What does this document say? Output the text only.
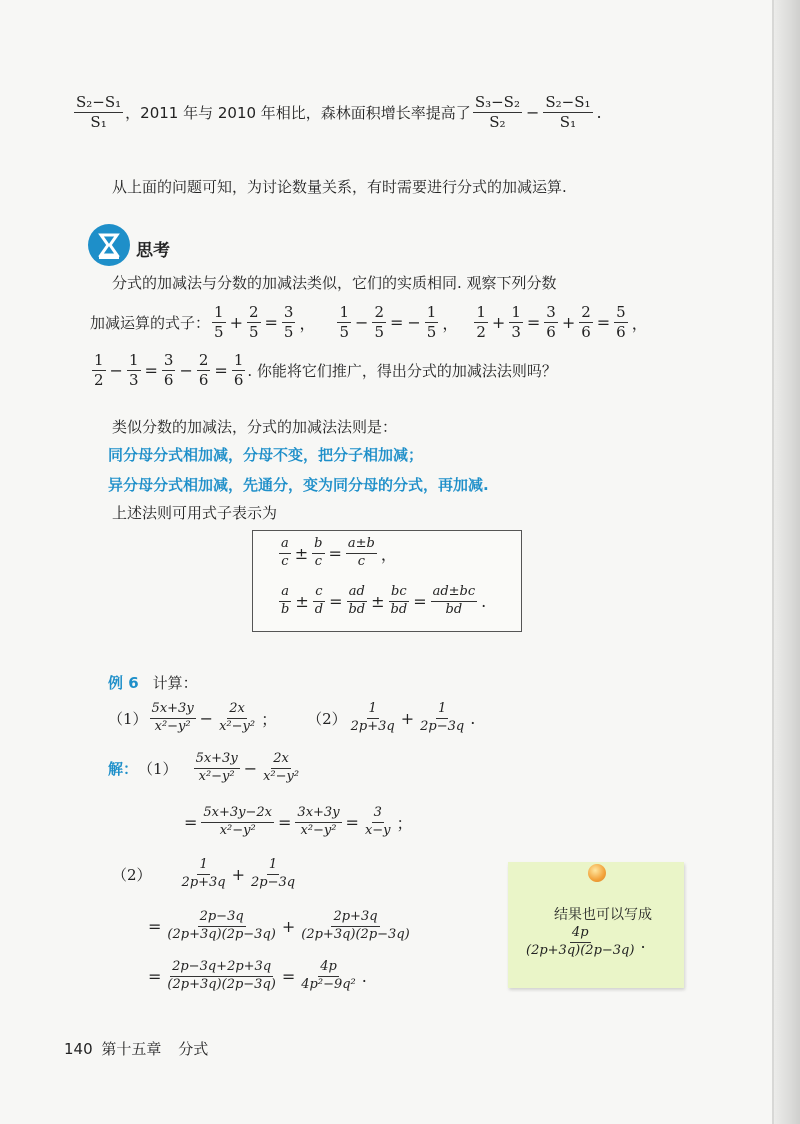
$\frac{\text{S₂−S₁}}{\text{S₁}}$ ，2011 年与 2010 年相比，森林面积增长率提高了 $\frac{\text{S₃−S₂}}{\text{S₂}} - \frac{\text{S₂−S₁}}{\text{S₁}}$ .
从上面的问题可知，为讨论数量关系，有时需要进行分式的加减运算.
思考
分式的加减法与分数的加减法类似，它们的实质相同. 观察下列分数
加减运算的式子： $\frac{1}{5} + \frac{2}{5} = \frac{3}{5}$ ， $\frac{1}{5} - \frac{2}{5}$ = − $\frac{1}{5}$ ， $\frac{1}{2} + \frac{1}{3} = \frac{3}{6} + \frac{2}{6} = \frac{5}{6}$ ，
$\frac{1}{2} - \frac{1}{3} = \frac{3}{6} - \frac{2}{6} = \frac{1}{6}$ . 你能将它们推广，得出分式的加减法法则吗？
类似分数的加减法，分式的加减法法则是：
同分母分式相加减，分母不变，把分子相加减；
异分母分式相加减，先通分，变为同分母的分式，再加减.
上述法则可用式子表示为
$\frac{a}{c} \pm \frac{b}{c} = \frac{a\pm b}{c}$ ，
$\frac{a}{b} \pm \frac{c}{d} = \frac{ad}{bd} \pm \frac{bc}{bd} = \frac{ad\pm bc}{bd}$ .
例 6 计算：
$(1) \frac{5x+3y}{\text{x²−y²}} - \frac{2x}{\text{x²−y²}}$ ； $(2) \frac{1}{2p+3q} + \frac{1}{2p-3q}$ .
解： $(1) \frac{5x+3y}{\text{x²−y²}} - \frac{2x}{\text{x²−y²}}$
= $\frac{5x+3y-2x}{\text{x²−y²}} = \frac{3x+3y}{\text{x²−y²}} = \frac{3}{x-y}$ ；
$(2) \frac{1}{2p+3q} + \frac{1}{2p-3q}$
= $\frac{2p-3q}{(2p+3q)(2p-3q)} + \frac{2p+3q}{(2p+3q)(2p-3q)}$
= $\frac{2p-3q+2p+3q}{(2p+3q)(2p-3q)} = \frac{4p}{\text{4p²−9q²}}$ .
结果也可以写成
$\frac{4p}{(2p+3q)(2p-3q)}$ .
140 第十五章 分式
